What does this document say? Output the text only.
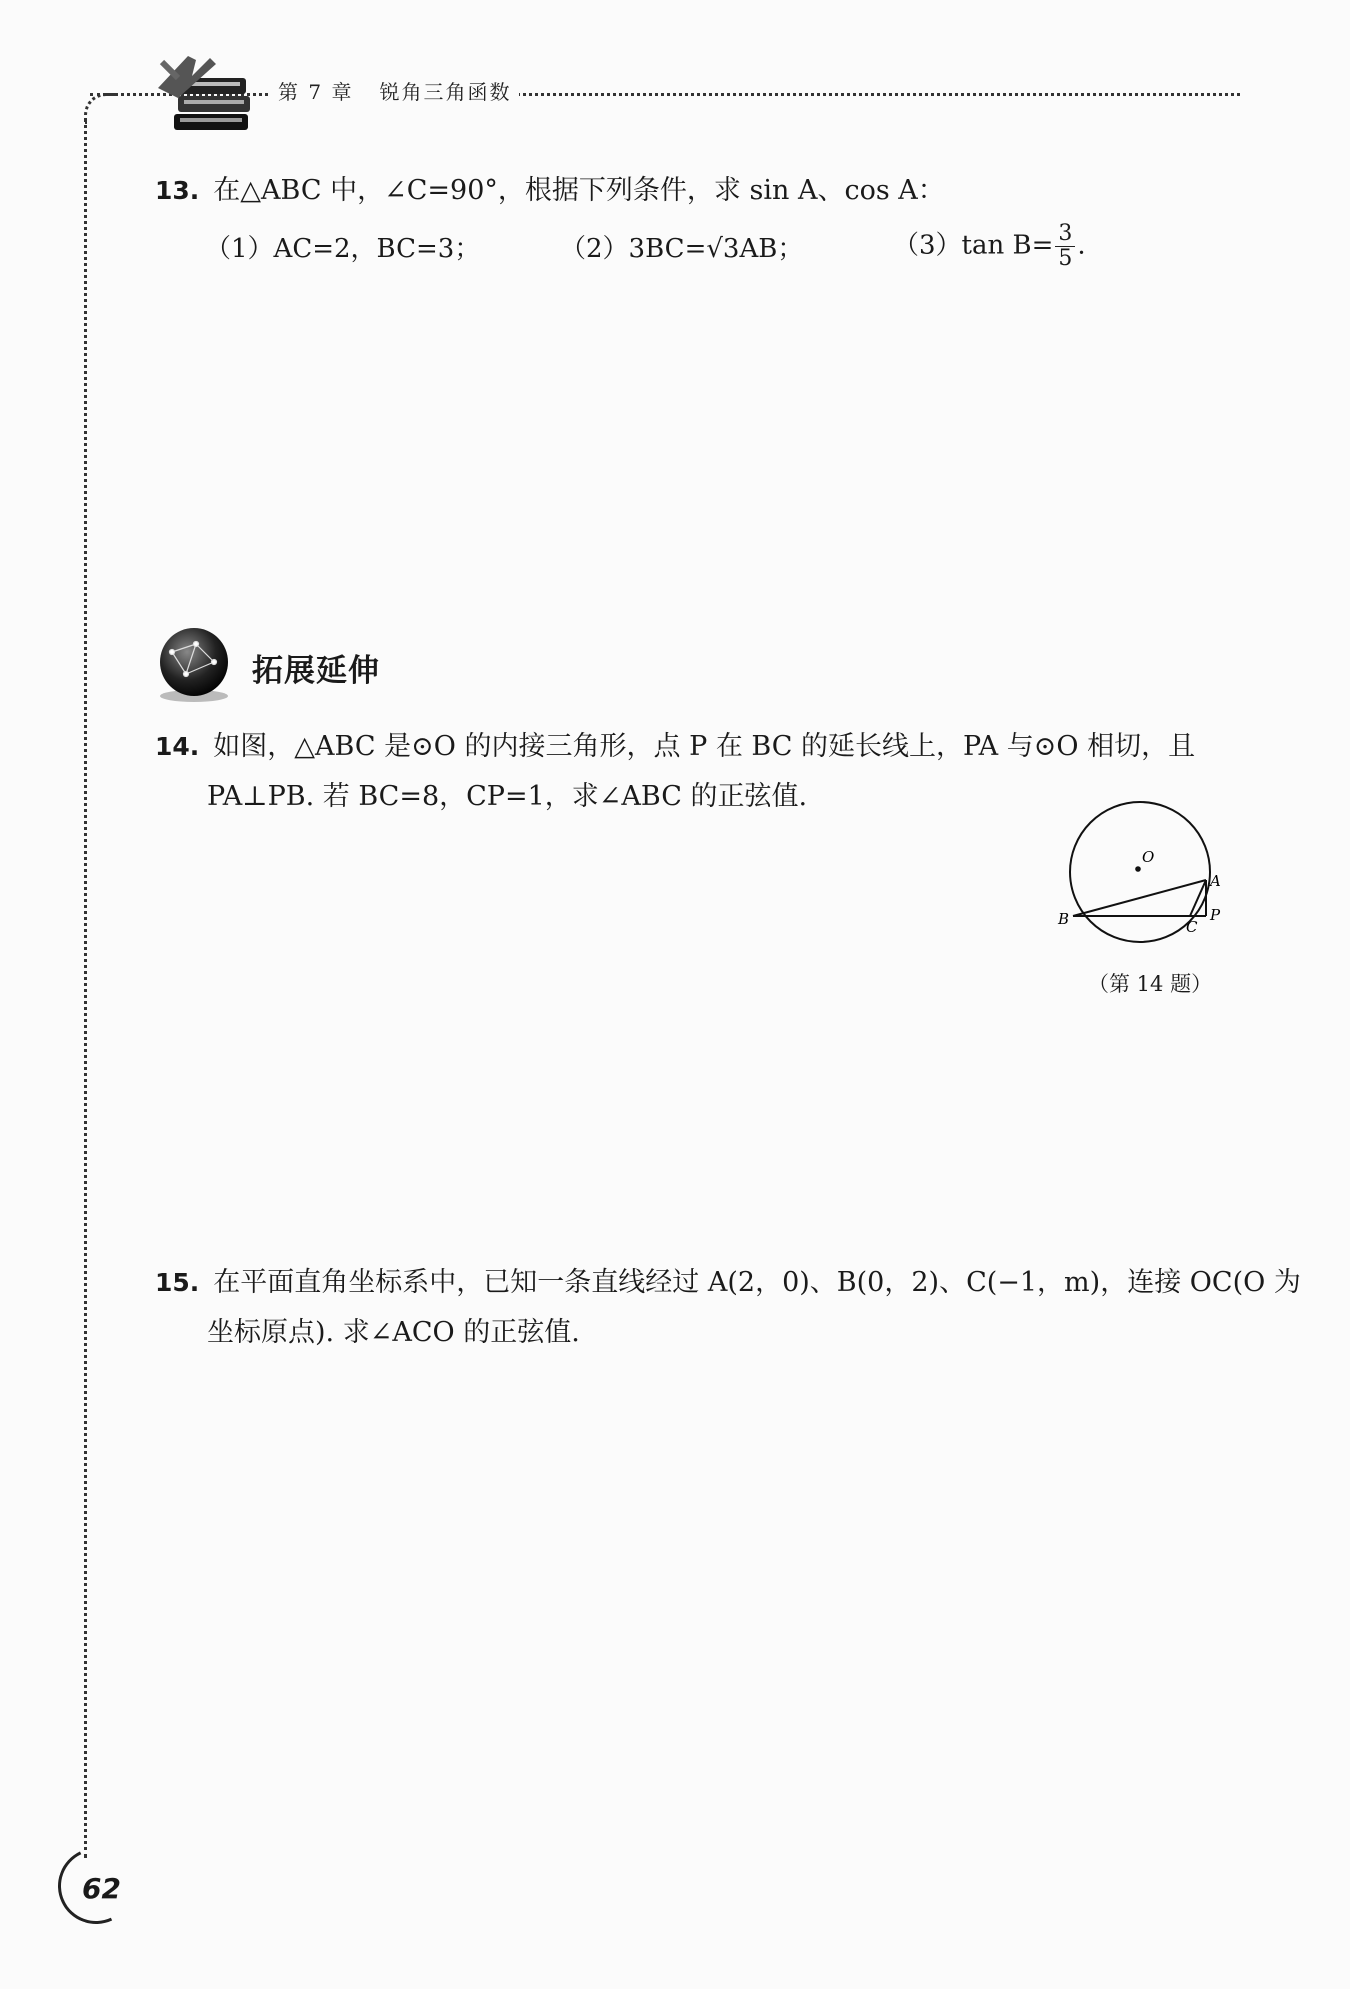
第 7 章 锐角三角函数
13. 在△ABC 中，∠C=90°，根据下列条件，求 sin A、cos A：
（1）AC=2，BC=3；	（2）3BC=√3AB；	（3）tan $B= \frac{3}{5}$ .
拓展延伸
14. 如图，△ABC 是⊙O 的内接三角形，点 P 在 BC 的延长线上，PA 与⊙O 相切，且
PA⊥PB. 若 BC=8，CP=1，求∠ABC 的正弦值.
O
A
B	C
P
（第 14 题）
15. 在平面直角坐标系中，已知一条直线经过 A(2，0)、B(0，2)、C(−1，m)，连接 OC(O 为
坐标原点). 求∠ACO 的正弦值.
62
